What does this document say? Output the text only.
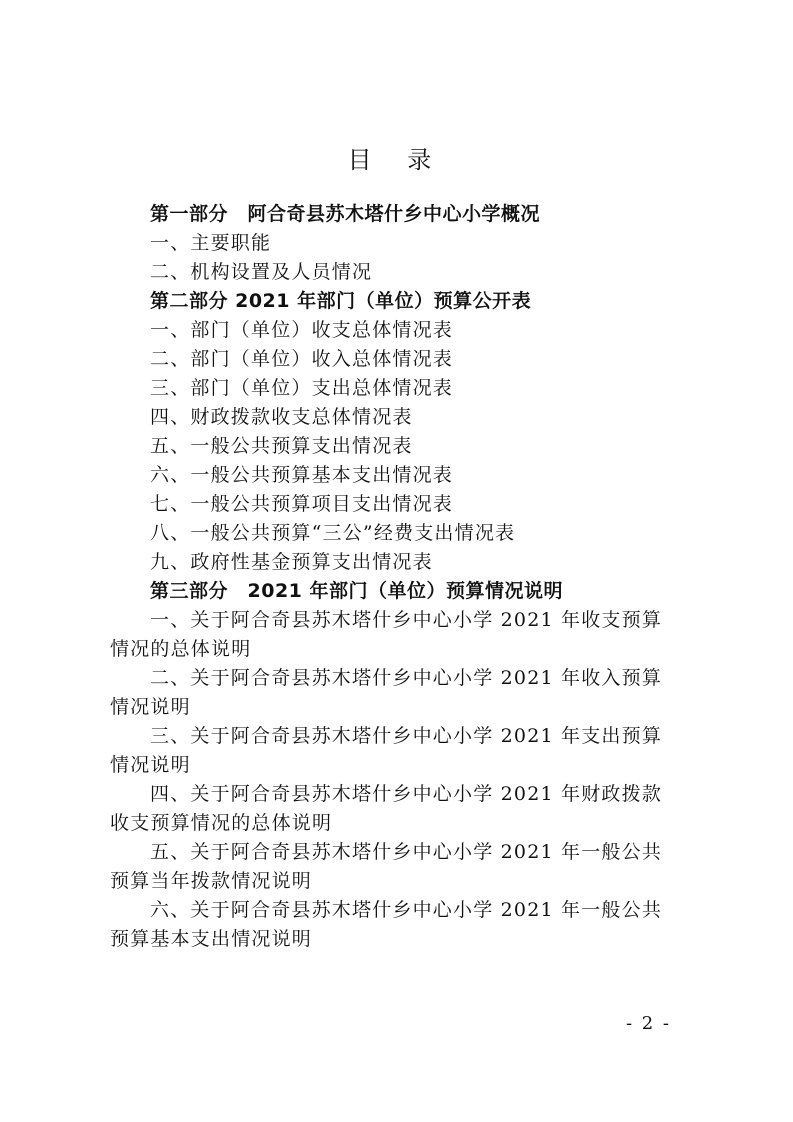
目 录
第一部分　阿合奇县苏木塔什乡中心小学概况
一、主要职能
二、机构设置及人员情况
第二部分 2021 年部门（单位）预算公开表
一、部门（单位）收支总体情况表
二、部门（单位）收入总体情况表
三、部门（单位）支出总体情况表
四、财政拨款收支总体情况表
五、一般公共预算支出情况表
六、一般公共预算基本支出情况表
七、一般公共预算项目支出情况表
八、一般公共预算“三公”经费支出情况表
九、政府性基金预算支出情况表
第三部分　2021 年部门（单位）预算情况说明
一、关于阿合奇县苏木塔什乡中心小学 2021 年收支预算
情况的总体说明
二、关于阿合奇县苏木塔什乡中心小学 2021 年收入预算
情况说明
三、关于阿合奇县苏木塔什乡中心小学 2021 年支出预算
情况说明
四、关于阿合奇县苏木塔什乡中心小学 2021 年财政拨款
收支预算情况的总体说明
五、关于阿合奇县苏木塔什乡中心小学 2021 年一般公共
预算当年拨款情况说明
六、关于阿合奇县苏木塔什乡中心小学 2021 年一般公共
预算基本支出情况说明
- 2 -
